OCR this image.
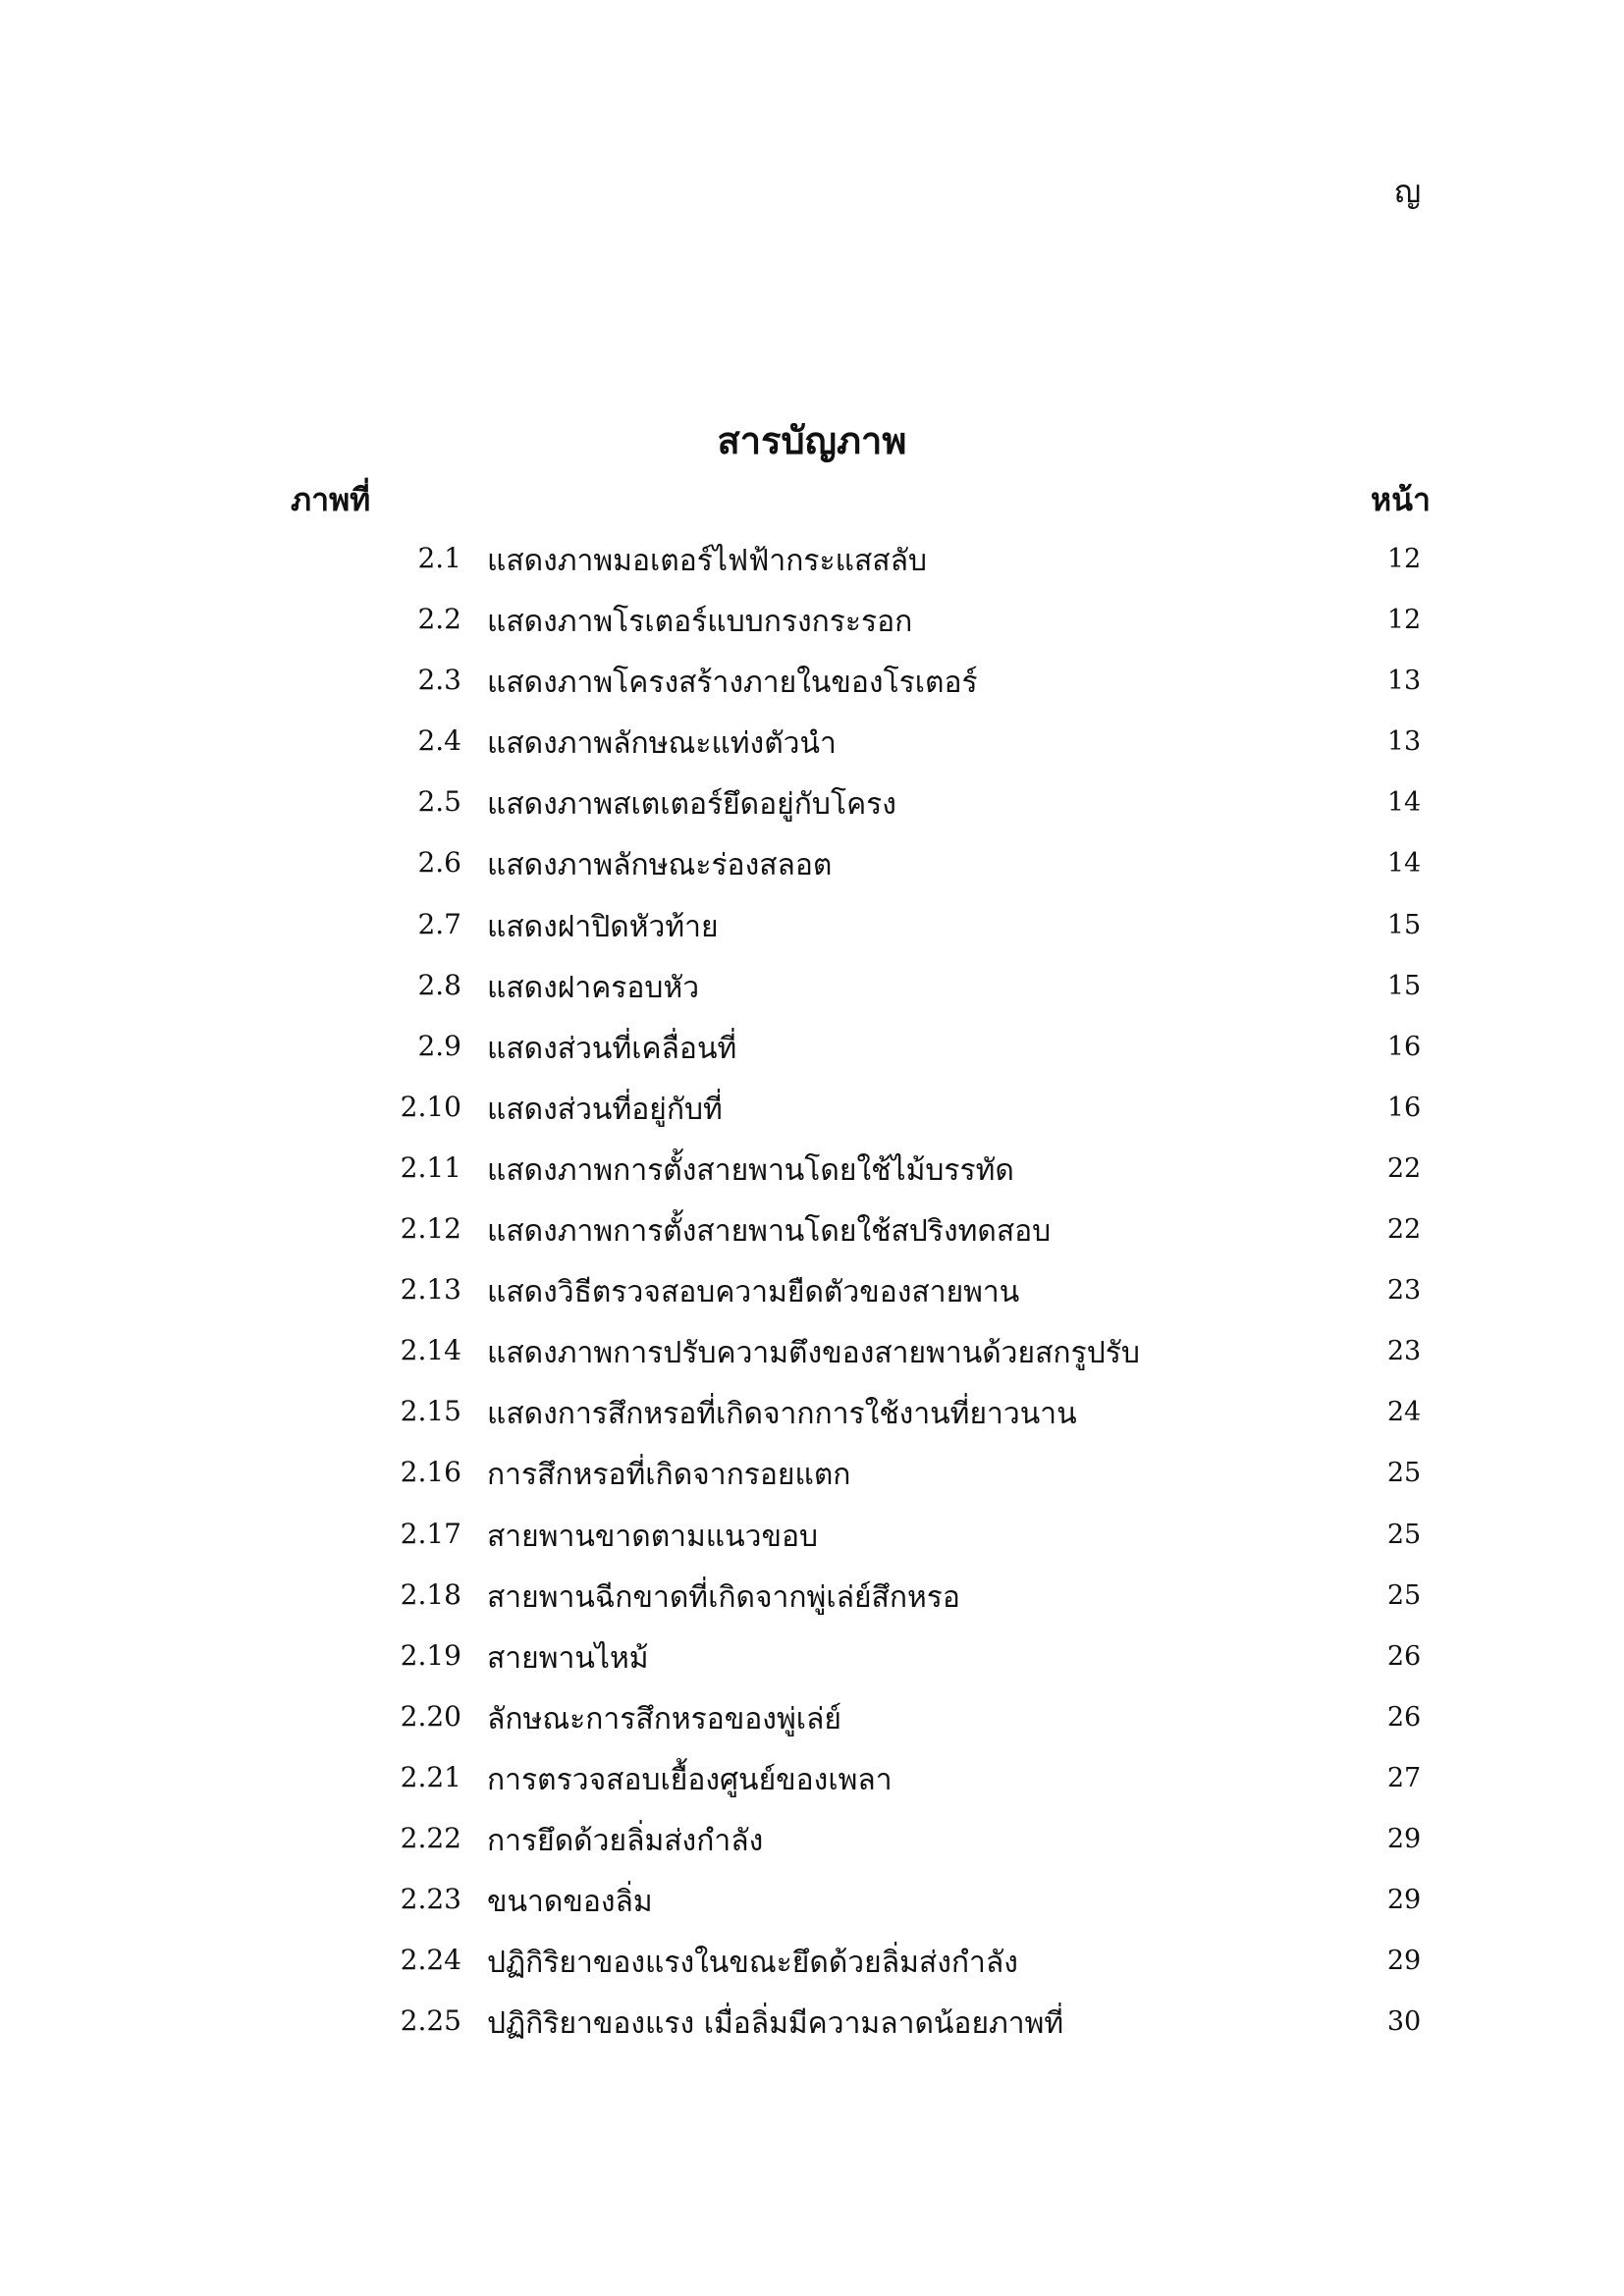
ญ
สารบัญภาพ
ภาพที่	หน้า
2.1 แสดงภาพมอเตอร์ไฟฟ้ากระแสสลับ	12
2.2 แสดงภาพโรเตอร์แบบกรงกระรอก	12
2.3 แสดงภาพโครงสร้างภายในของโรเตอร์	13
2.4 แสดงภาพลักษณะแท่งตัวนำ	13
2.5 แสดงภาพสเตเตอร์ยึดอยู่กับโครง	14
2.6 แสดงภาพลักษณะร่องสลอต	14
2.7 แสดงฝาปิดหัวท้าย	15
2.8 แสดงฝาครอบหัว	15
2.9 แสดงส่วนที่เคลื่อนที่	16
2.10 แสดงส่วนที่อยู่กับที่	16
2.11 แสดงภาพการตั้งสายพานโดยใช้ไม้บรรทัด	22
2.12 แสดงภาพการตั้งสายพานโดยใช้สปริงทดสอบ	22
2.13 แสดงวิธีตรวจสอบความยืดตัวของสายพาน	23
2.14 แสดงภาพการปรับความตึงของสายพานด้วยสกรูปรับ	23
2.15 แสดงการสึกหรอที่เกิดจากการใช้งานที่ยาวนาน	24
2.16 การสึกหรอที่เกิดจากรอยแตก	25
2.17 สายพานขาดตามแนวขอบ	25
2.18 สายพานฉีกขาดที่เกิดจากพู่เล่ย์สึกหรอ	25
2.19 สายพานไหม้	26
2.20 ลักษณะการสึกหรอของพู่เล่ย์	26
2.21 การตรวจสอบเยื้องศูนย์ของเพลา	27
2.22 การยึดด้วยลิ่มส่งกำลัง	29
2.23 ขนาดของลิ่ม	29
2.24 ปฏิกิริยาของแรงในขณะยึดด้วยลิ่มส่งกำลัง	29
2.25 ปฏิกิริยาของแรง เมื่อลิ่มมีความลาดน้อยภาพที่	30
